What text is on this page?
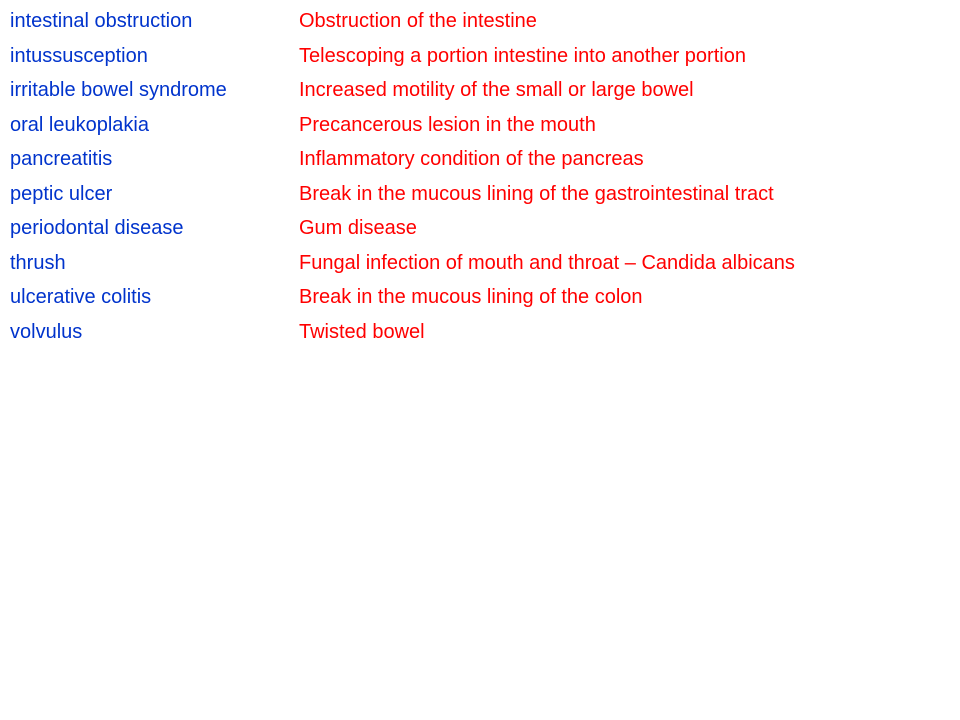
intestinal obstruction	Obstruction of the intestine
intussusception	Telescoping a portion intestine into another portion
irritable bowel syndrome	Increased motility of the small or large bowel
oral leukoplakia	Precancerous lesion in the mouth
pancreatitis	Inflammatory condition of the pancreas
peptic ulcer	Break in the mucous lining of the gastrointestinal tract
periodontal disease	Gum disease
thrush	Fungal infection of mouth and throat – Candida albicans
ulcerative colitis	Break in the mucous lining of the colon
volvulus	Twisted bowel
